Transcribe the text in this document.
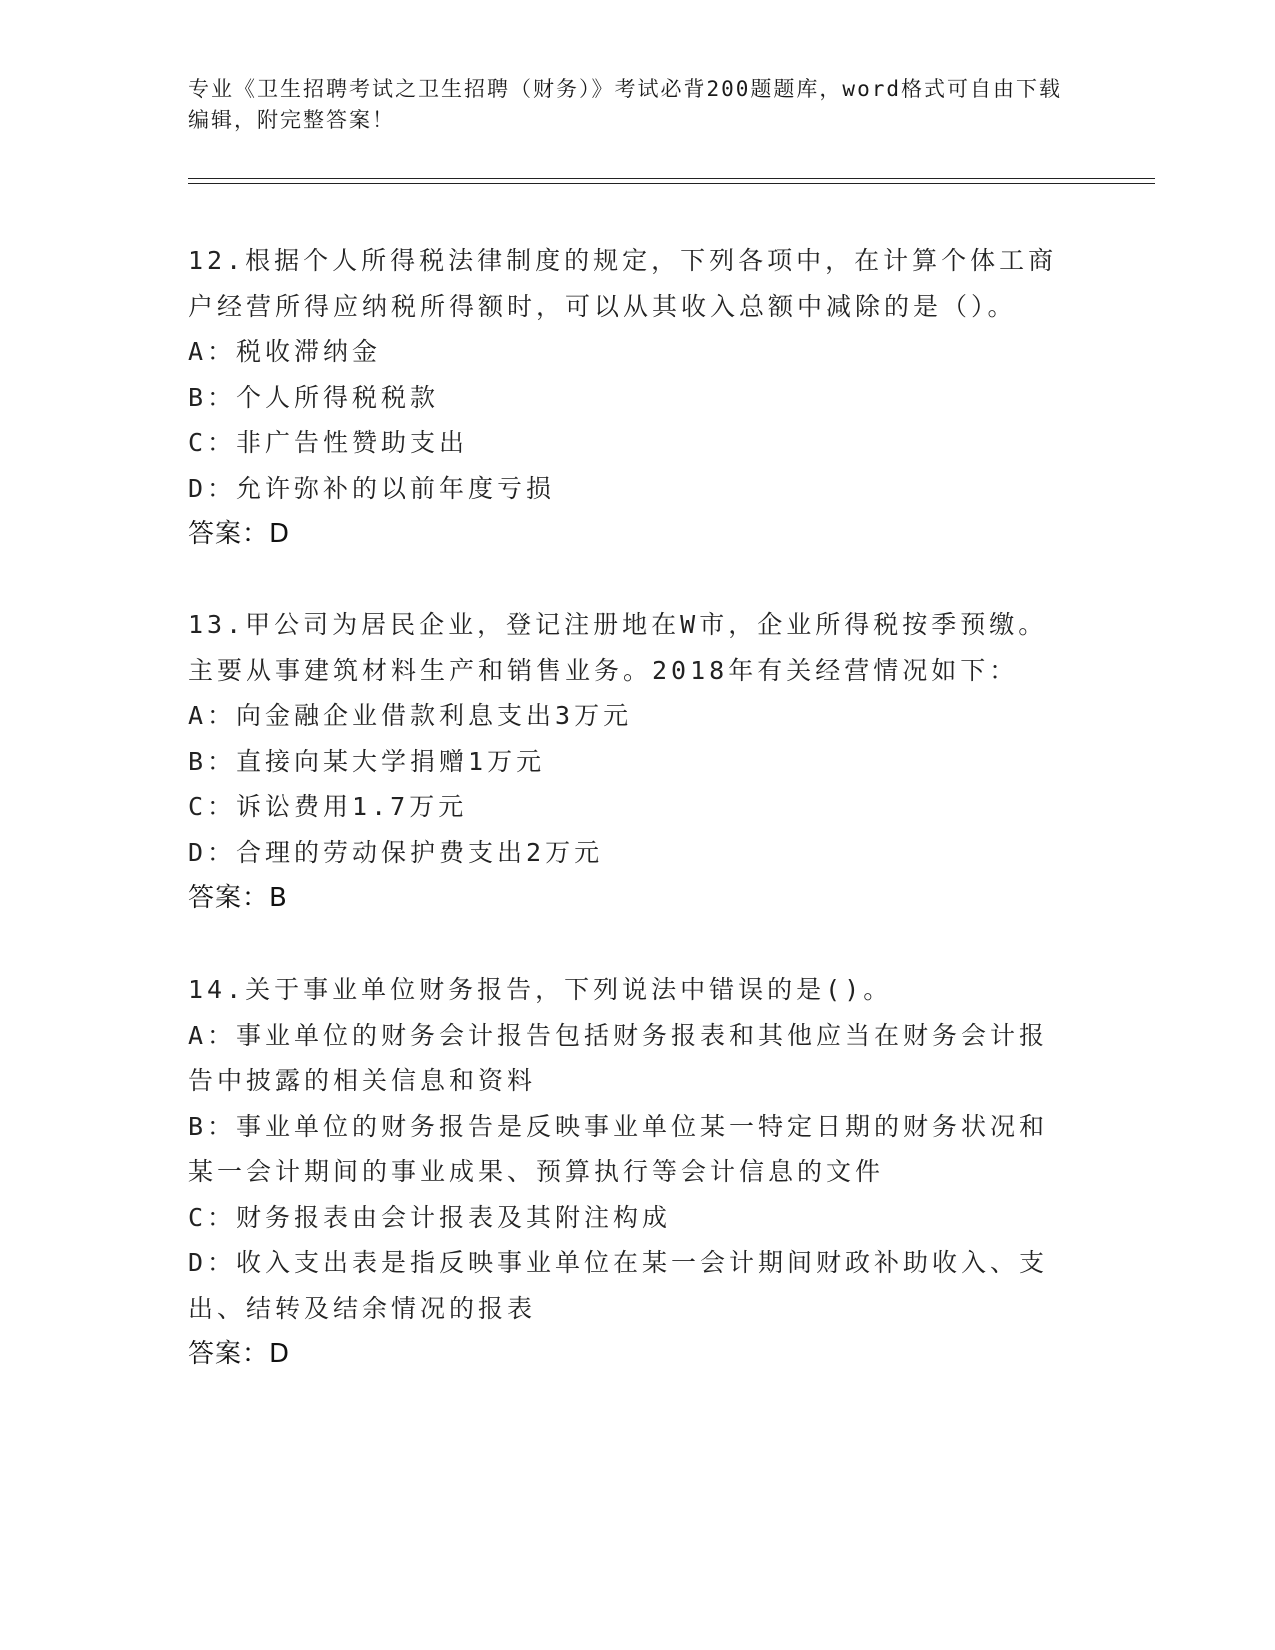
专业《卫生招聘考试之卫生招聘（财务）》考试必背200题题库，word格式可自由下载编辑，附完整答案！
12.根据个人所得税法律制度的规定，下列各项中，在计算个体工商户经营所得应纳税所得额时，可以从其收入总额中减除的是（）。
A：税收滞纳金
B：个人所得税税款
C：非广告性赞助支出
D：允许弥补的以前年度亏损
答案：D
13.甲公司为居民企业，登记注册地在W市，企业所得税按季预缴。主要从事建筑材料生产和销售业务。2018年有关经营情况如下：
A：向金融企业借款利息支出3万元
B：直接向某大学捐赠1万元
C：诉讼费用1.7万元
D：合理的劳动保护费支出2万元
答案：B
14.关于事业单位财务报告，下列说法中错误的是()。
A：事业单位的财务会计报告包括财务报表和其他应当在财务会计报告中披露的相关信息和资料
B：事业单位的财务报告是反映事业单位某一特定日期的财务状况和某一会计期间的事业成果、预算执行等会计信息的文件
C：财务报表由会计报表及其附注构成
D：收入支出表是指反映事业单位在某一会计期间财政补助收入、支出、结转及结余情况的报表
答案：D
